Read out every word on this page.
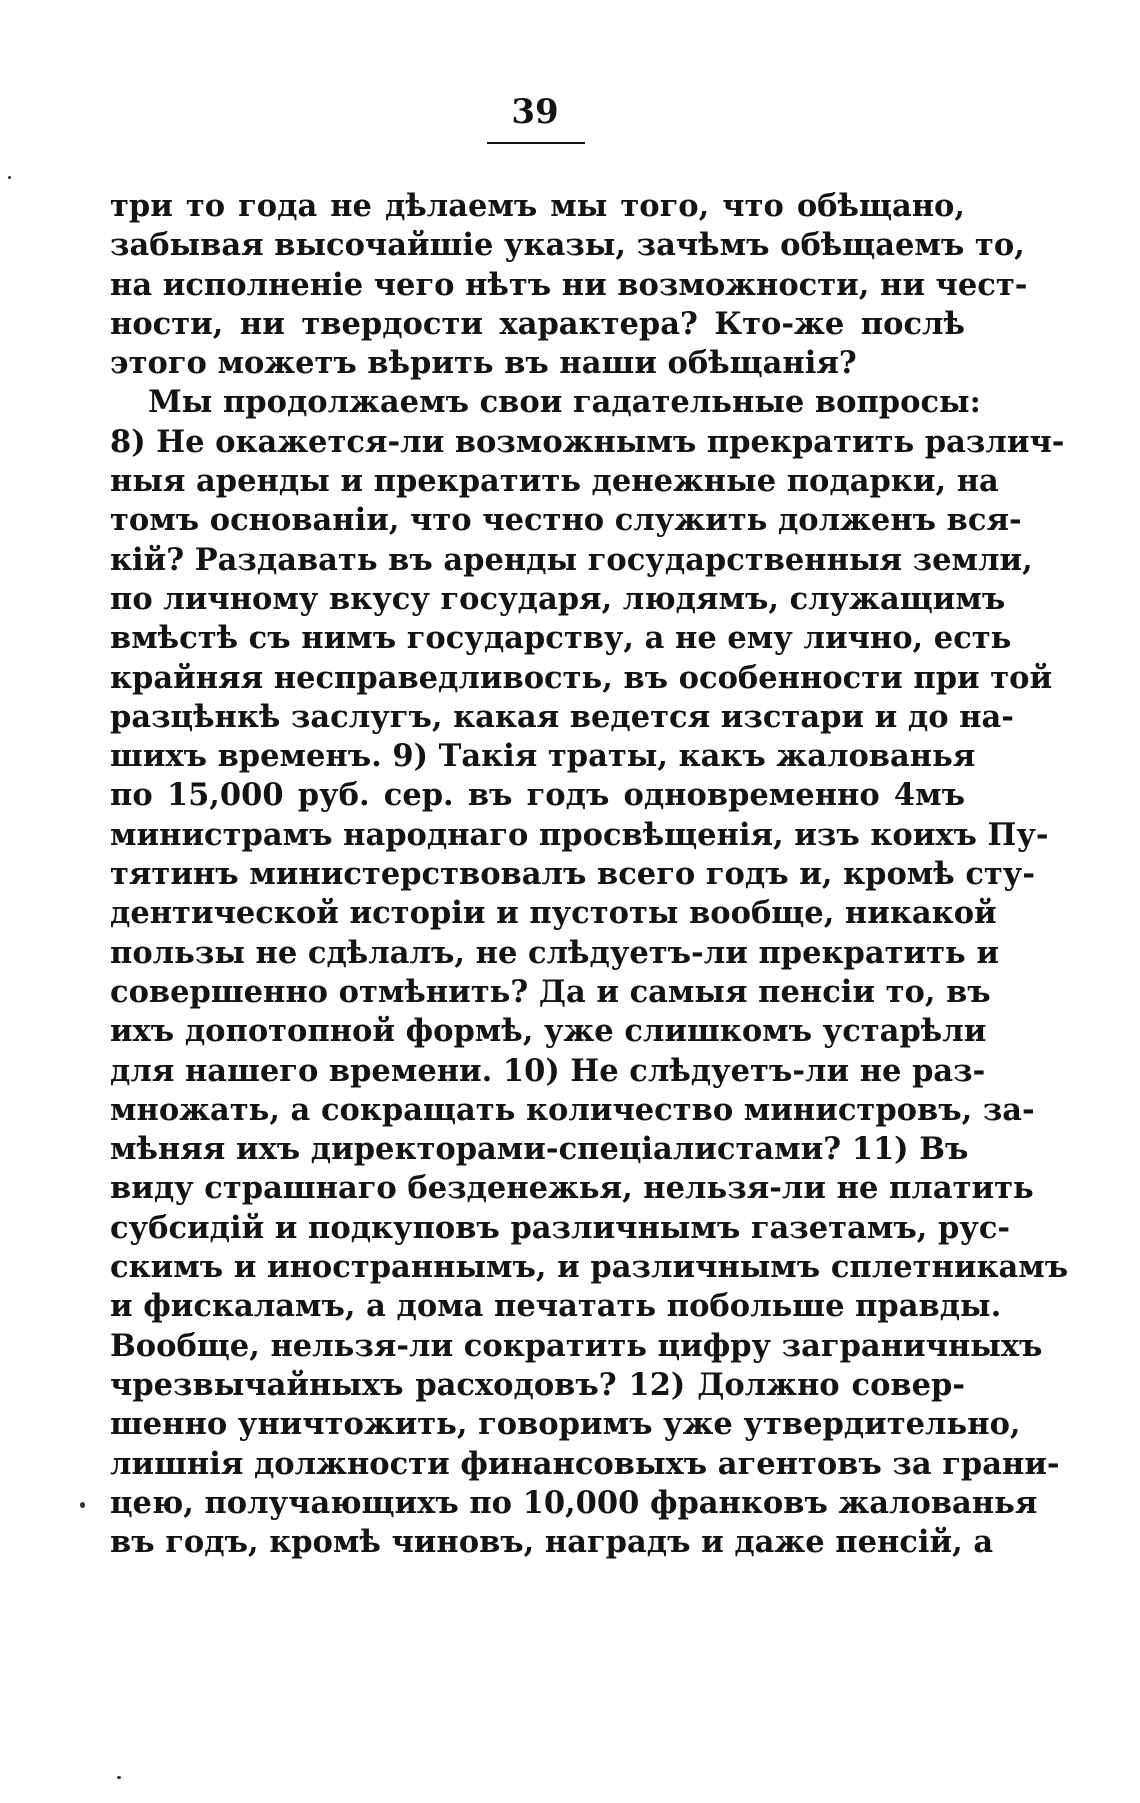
39
три то года не дѣлаемъ мы того, что обѣщано,
забывая высочайшіе указы, зачѣмъ обѣщаемъ то,
на исполненіе чего нѣтъ ни возможности, ни чест-
ности, ни твердости характера? Кто-же послѣ
этого можетъ вѣрить въ наши обѣщанія?
Мы продолжаемъ свои гадательные вопросы:
8) Не окажется-ли возможнымъ прекратить различ-
ныя аренды и прекратить денежные подарки, на
томъ основаніи, что честно служить долженъ вся-
кій? Раздавать въ аренды государственныя земли,
по личному вкусу государя, людямъ, служащимъ
вмѣстѣ съ нимъ государству, а не ему лично, есть
крайняя несправедливость, въ особенности при той
разцѣнкѣ заслугъ, какая ведется изстари и до на-
шихъ временъ. 9) Такія траты, какъ жалованья
по 15,000 руб. сер. въ годъ одновременно 4мъ
министрамъ народнаго просвѣщенія, изъ коихъ Пу-
тятинъ министерствовалъ всего годъ и, кромѣ сту-
дентической исторіи и пустоты вообще, никакой
пользы не сдѣлалъ, не слѣдуетъ-ли прекратить и
совершенно отмѣнить? Да и самыя пенсіи то, въ
ихъ допотопной формѣ, уже слишкомъ устарѣли
для нашего времени. 10) Не слѣдуетъ-ли не раз-
множать, а сокращать количество министровъ, за-
мѣняя ихъ директорами-спеціалистами? 11) Въ
виду страшнаго безденежья, нельзя-ли не платить
субсидій и подкуповъ различнымъ газетамъ, рус-
скимъ и иностраннымъ, и различнымъ сплетникамъ
и фискаламъ, а дома печатать побольше правды.
Вообще, нельзя-ли сократить цифру заграничныхъ
чрезвычайныхъ расходовъ? 12) Должно совер-
шенно уничтожить, говоримъ уже утвердительно,
лишнія должности финансовыхъ агентовъ за грани-
цею, получающихъ по 10,000 франковъ жалованья
въ годъ, кромѣ чиновъ, наградъ и даже пенсій, а
